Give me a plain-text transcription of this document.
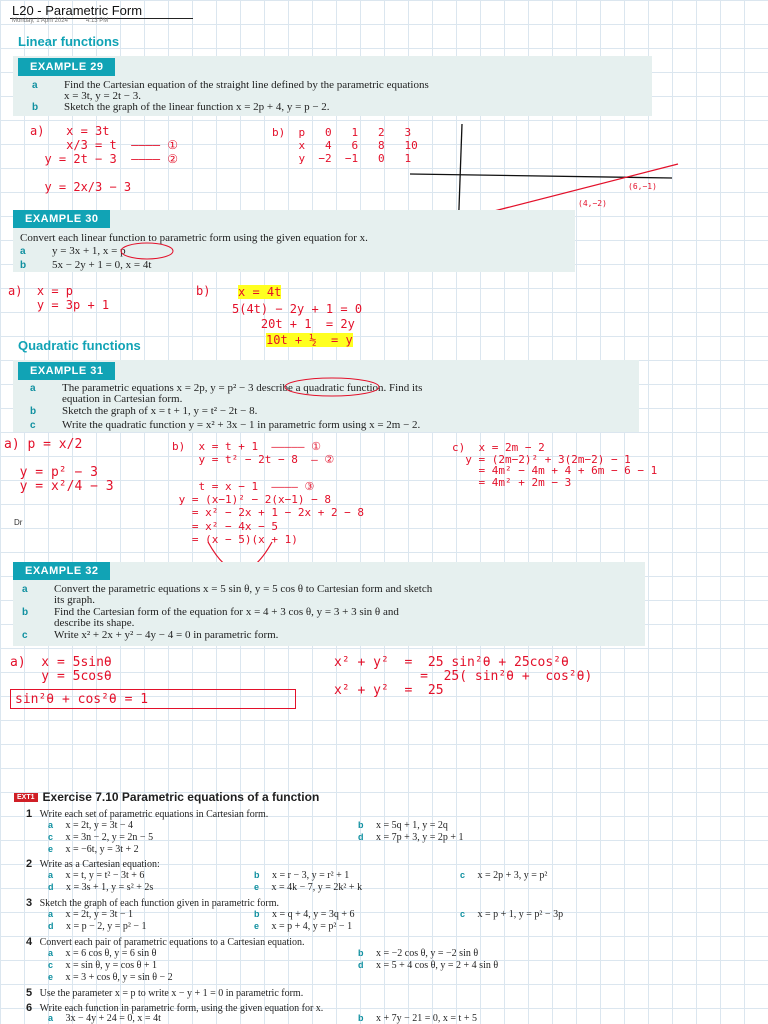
L20 - Parametric Form
Monday, 1 April 2024	4:13 PM
Linear functions
EXAMPLE 29
a Find the Cartesian equation of the straight line defined by the parametric equations
x = 3t, y = 2t − 3.
b Sketch the graph of the linear function x = 2p + 4, y = p − 2.
a)   x = 3t
x/3 = t  ———— ①
y = 2t − 3  ———— ②

y = 2x/3 − 3
b)  p   0   1   2   3
x   4   6   8   10
y  −2  −1   0   1
(6,−1)
(4,−2)
EXAMPLE 30
Convert each linear function to parametric form using the given equation for x.
a y = 3x + 1, x = p
b 5x − 2y + 1 = 0, x = 4t
a)  x = p
y = 3p + 1
b) x = 4t
5(4t) − 2y + 1 = 0
20t + 1  = 2y
10t + ½  = y
Quadratic functions
EXAMPLE 31
a The parametric equations x = 2p, y = p² − 3 describe a quadratic function. Find its
equation in Cartesian form.
b Sketch the graph of x = t + 1, y = t² − 2t − 8.
c Write the quadratic function y = x² + 3x − 1 in parametric form using x = 2m − 2.
a) p = x/2

y = p² − 3
y = x²/4 − 3
b)  x = t + 1  ————— ①
y = t² − 2t − 8  — ②

t = x − 1  ———— ③
y = (x−1)² − 2(x−1) − 8
= x² − 2x + 1 − 2x + 2 − 8
= x² − 4x − 5
= (x − 5)(x + 1)
c)  x = 2m − 2
y = (2m−2)² + 3(2m−2) − 1
= 4m² − 4m + 4 + 6m − 6 − 1
= 4m² + 2m − 3
Dr
EXAMPLE 32
a Convert the parametric equations x = 5 sin θ, y = 5 cos θ to Cartesian form and sketch
its graph.
b Find the Cartesian form of the equation for x = 4 + 3 cos θ, y = 3 + 3 sin θ and
describe its shape.
c Write x² + 2x + y² − 4y − 4 = 0 in parametric form.
a)  x = 5sinθ
y = 5cosθ
sin²θ + cos²θ = 1
x² + y²  =  25 sin²θ + 25cos²θ
=  25( sin²θ +  cos²θ)
x² + y²  =  25
EXT1 Exercise 7.10 Parametric equations of a function
1 Write each set of parametric equations in Cartesian form.
a x = 2t, y = 3t − 4	b x = 5q + 1, y = 2q
c x = 3n − 2, y = 2n − 5	d x = 7p + 3, y = 2p + 1
e x = −6t, y = 3t + 2
2 Write as a Cartesian equation:
a x = t, y = t² − 3t + 6	b x = r − 3, y = r² + 1	c x = 2p + 3, y = p²
d x = 3s + 1, y = s² + 2s	e x = 4k − 7, y = 2k² + k
3 Sketch the graph of each function given in parametric form.
a x = 2t, y = 3t − 1	b x = q + 4, y = 3q + 6	c x = p + 1, y = p² − 3p
d x = p − 2, y = p² − 1	e x = p + 4, y = p² − 1
4 Convert each pair of parametric equations to a Cartesian equation.
a x = 6 cos θ, y = 6 sin θ	b x = −2 cos θ, y = −2 sin θ
c x = sin θ, y = cos θ + 1	d x = 5 + 4 cos θ, y = 2 + 4 sin θ
e x = 3 + cos θ, y = sin θ − 2
5 Use the parameter x = p to write x − y + 1 = 0 in parametric form.
6 Write each function in parametric form, using the given equation for x.
a 3x − 4y + 24 = 0, x = 4t	b x + 7y − 21 = 0, x = t + 5
